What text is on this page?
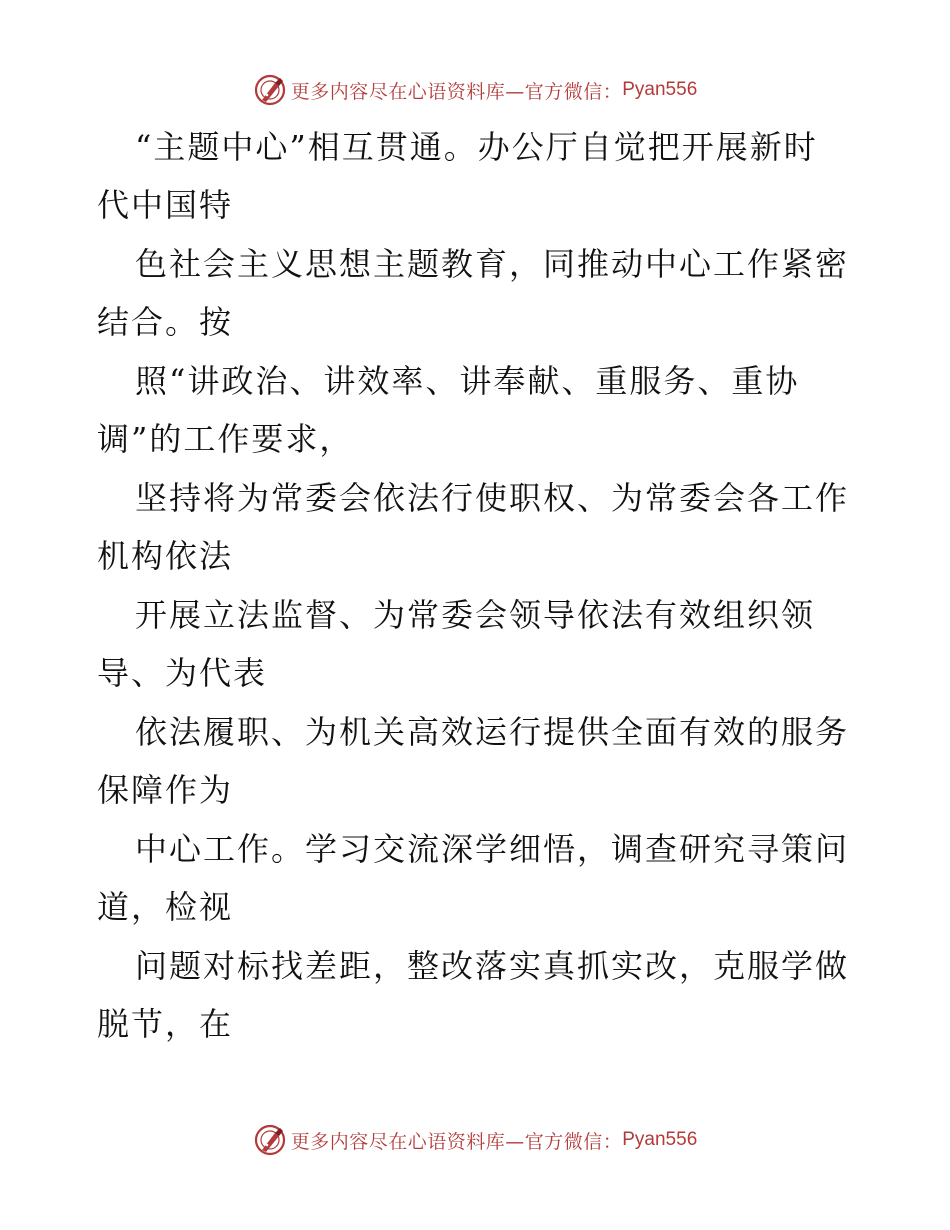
更多内容尽在心语资料库—官方微信： Pyan556
“主题中心”相互贯通。办公厅自觉把开展新时
代中国特
色社会主义思想主题教育，同推动中心工作紧密
结合。按
照“讲政治、讲效率、讲奉献、重服务、重协
调”的工作要求，
坚持将为常委会依法行使职权、为常委会各工作
机构依法
开展立法监督、为常委会领导依法有效组织领
导、为代表
依法履职、为机关高效运行提供全面有效的服务
保障作为
中心工作。学习交流深学细悟，调查研究寻策问
道，检视
问题对标找差距，整改落实真抓实改，克服学做
脱节，在
更多内容尽在心语资料库—官方微信： Pyan556
